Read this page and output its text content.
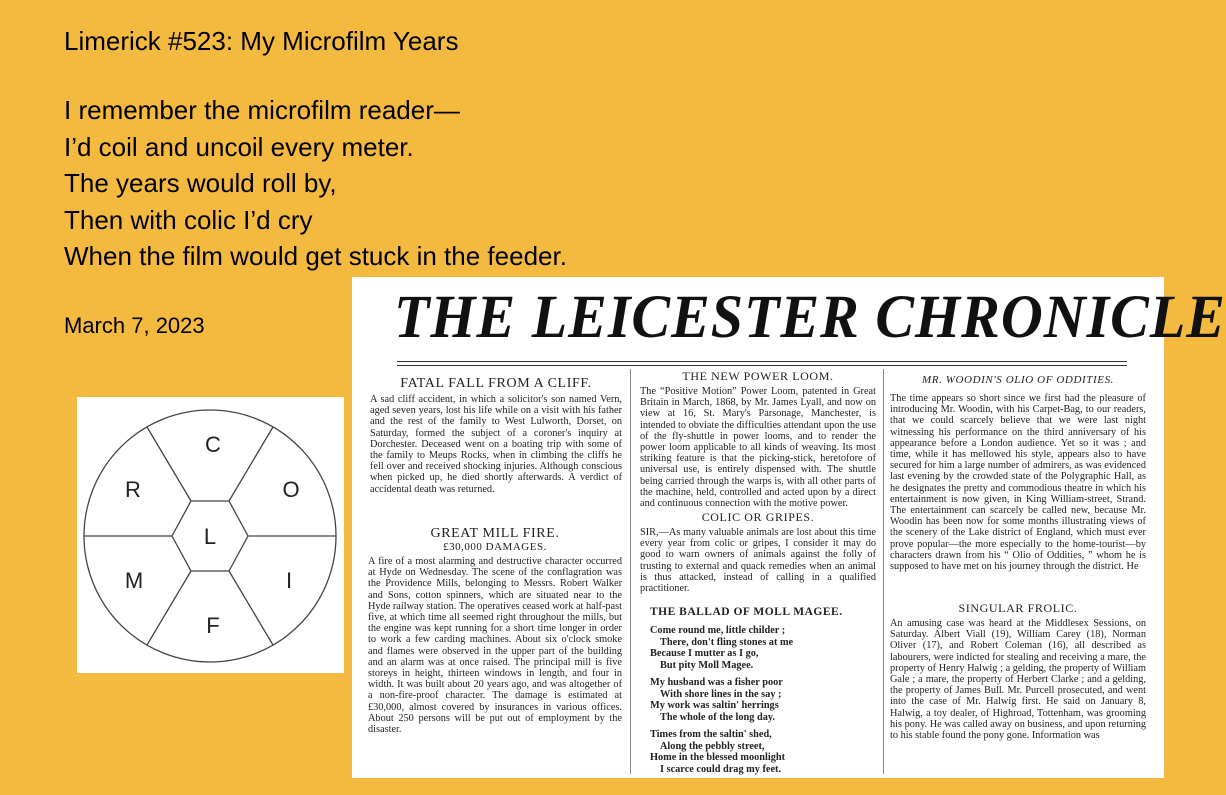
Limerick #523: My Microfilm Years
I remember the microfilm reader—
I’d coil and uncoil every meter.
The years would roll by,
Then with colic I’d cry
When the film would get stuck in the feeder.
March 7, 2023
L
C
O
I
F
M
R
THE LEICESTER CHRONICLE
FATAL FALL FROM A CLIFF.

A sad cliff accident, in which a solicitor's son named Vern, aged seven years, lost his life while on a visit with his father and the rest of the family to West Lulworth, Dorset, on Saturday, formed the subject of a coroner's inquiry at Dorchester. Deceased went on a boating trip with some of the family to Meups Rocks, when in climbing the cliffs he fell over and received shocking injuries. Although conscious when picked up, he died shortly afterwards. A verdict of accidental death was returned.

GREAT MILL FIRE.
£30,000 DAMAGES.

A fire of a most alarming and destructive character occurred at Hyde on Wednesday. The scene of the conflagration was the Providence Mills, belonging to Messrs. Robert Walker and Sons, cotton spinners, which are situated near to the Hyde railway station. The operatives ceased work at half-past five, at which time all seemed right throughout the mills, but the engine was kept running for a short time longer in order to work a few carding machines. About six o'clock smoke and flames were observed in the upper part of the building and an alarm was at once raised. The principal mill is five storeys in height, thirteen windows in length, and four in width. It was built about 20 years ago, and was altogether of a non-fire-proof character. The damage is estimated at £30,000, almost covered by insurances in various offices. About 250 persons will be put out of employment by the disaster.

THE NEW POWER LOOM.

The “Positive Motion” Power Loom, patented in Great Britain in March, 1868, by Mr. James Lyall, and now on view at 16, St. Mary's Parsonage, Manchester, is intended to obviate the difficulties attendant upon the use of the fly-shuttle in power looms, and to render the power loom applicable to all kinds of weaving. Its most striking feature is that the picking-stick, heretofore of universal use, is entirely dispensed with. The shuttle being carried through the warps is, with all other parts of the machine, held, controlled and acted upon by a direct and continuous connection with the motive power.

COLIC OR GRIPES.

SIR,—As many valuable animals are lost about this time every year from colic or gripes, I consider it may do good to warn owners of animals against the folly of trusting to external and quack remedies when an animal is thus attacked, instead of calling in a qualified practitioner.

THE BALLAD OF MOLL MAGEE.
Come round me, little childer ;
There, don't fling stones at me
Because I mutter as I go,
But pity Moll Magee.
My husband was a fisher poor
With shore lines in the say ;
My work was saltin' herrings
The whole of the long day.
Times from the saltin' shed,
Along the pebbly street,
Home in the blessed moonlight
I scarce could drag my feet.
MR. WOODIN'S OLIO OF ODDITIES.

The time appears so short since we first had the pleasure of introducing Mr. Woodin, with his Carpet-Bag, to our readers, that we could scarcely believe that we were last night witnessing his performance on the third anniversary of his appearance before a London audience. Yet so it was ; and time, while it has mellowed his style, appears also to have secured for him a large number of admirers, as was evidenced last evening by the crowded state of the Polygraphic Hall, as he designates the pretty and commodious theatre in which his entertainment is now given, in King William-street, Strand. The entertainment can scarcely be called new, because Mr. Woodin has been now for some months illustrating views of the scenery of the Lake district of England, which must ever prove popular—the more especially to the home-tourist—by characters drawn from his “ Olio of Oddities, ” whom he is supposed to have met on his journey through the district. He

SINGULAR FROLIC.

An amusing case was heard at the Middlesex Sessions, on Saturday. Albert Viall (19), William Carey (18), Norman Oliver (17), and Robert Coleman (16), all described as labourers, were indicted for stealing and receiving a mare, the property of Henry Halwig ; a gelding, the property of William Gale ; a mare, the property of Herbert Clarke ; and a gelding, the property of James Bull. Mr. Purcell prosecuted, and went into the case of Mr. Halwig first. He said on January 8, Halwig, a toy dealer, of Highroad, Tottenham, was grooming his pony. He was called away on business, and upon returning to his stable found the pony gone. Information was
